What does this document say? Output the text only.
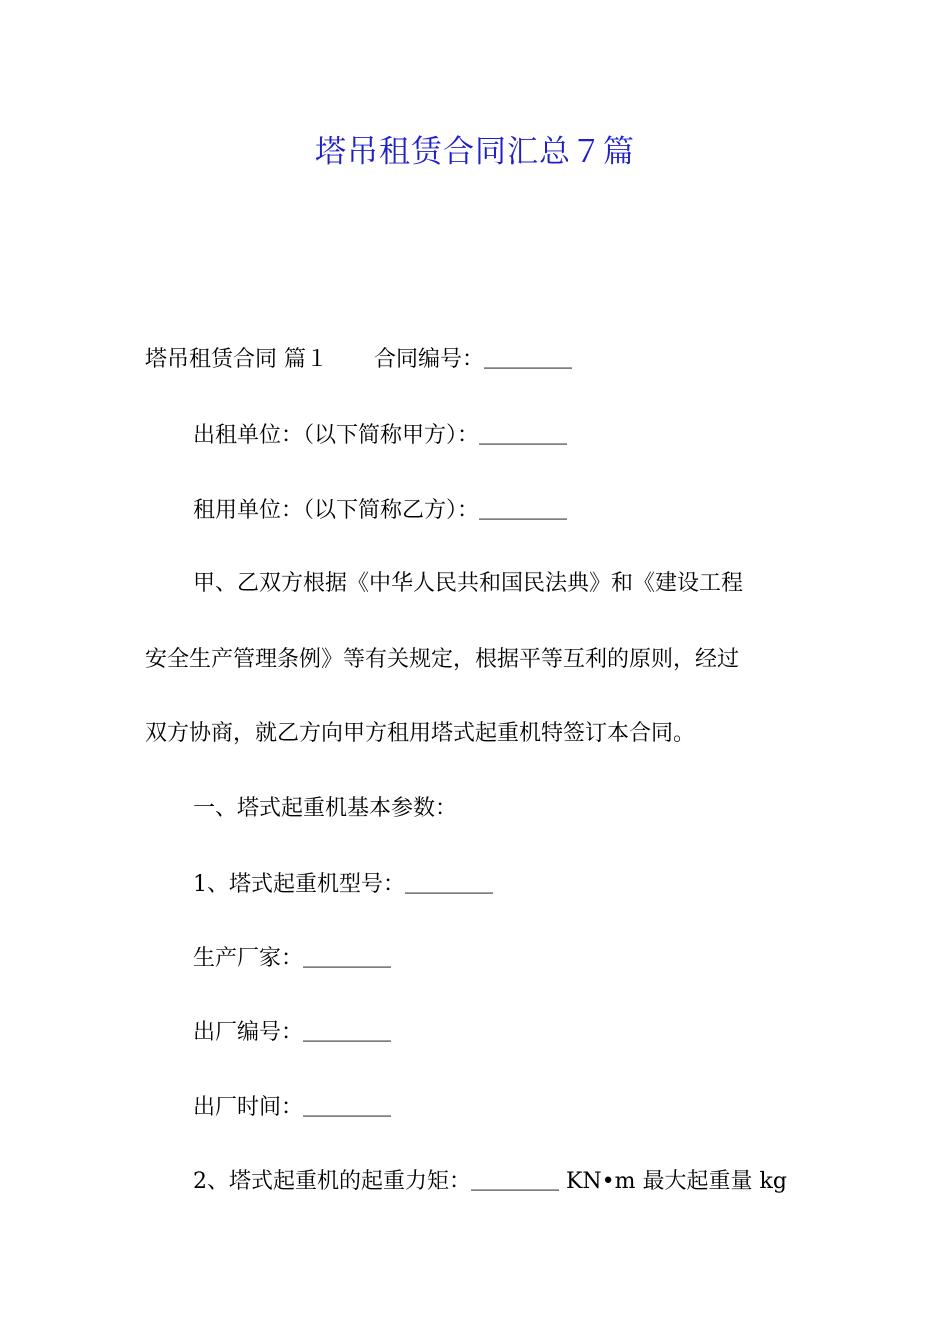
塔吊租赁合同汇总７篇
塔吊租赁合同 篇１ 合同编号：＿＿＿＿
出租单位：（以下简称甲方）：＿＿＿＿
租用单位：（以下简称乙方）：＿＿＿＿
甲、乙双方根据《中华人民共和国民法典》和《建设工程
安全生产管理条例》等有关规定，根据平等互利的原则，经过
双方协商，就乙方向甲方租用塔式起重机特签订本合同。
一、塔式起重机基本参数：
1、塔式起重机型号：＿＿＿＿
生产厂家：＿＿＿＿
出厂编号：＿＿＿＿
出厂时间：＿＿＿＿
2、塔式起重机的起重力矩：＿＿＿＿ KN•m 最大起重量 kg
